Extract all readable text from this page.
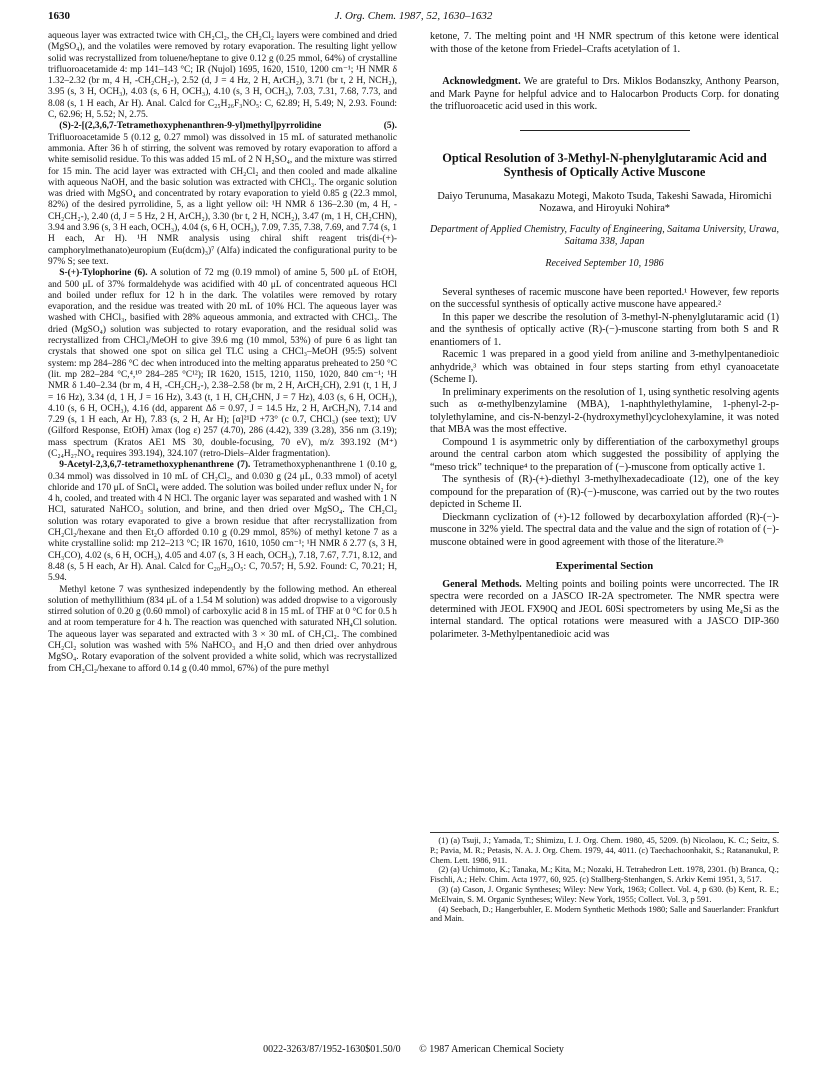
1630	J. Org. Chem. 1987, 52, 1630–1632

aqueous layer was extracted twice with CH₂Cl₂, the CH₂Cl₂ layers were combined and dried (MgSO₄), and the volatiles were removed by rotary evaporation. The resulting light yellow solid was recrystallized from toluene/heptane to give 0.12 g (0.25 mmol, 64%) of crystalline trifluoroacetamide 4: mp 141–143 °C; IR (Nujol) 1695, 1620, 1510, 1200 cm⁻¹; ¹H NMR δ 1.32–2.32 (br m, 4 H, -CH₂CH₂-), 2.52 (d, J = 4 Hz, 2 H, ArCH₂), 3.71 (br t, 2 H, NCH₂), 3.95 (s, 3 H, OCH₃), 4.03 (s, 6 H, OCH₃), 4.10 (s, 3 H, OCH₃), 7.03, 7.31, 7.68, 7.73, and 8.08 (s, 1 H each, Ar H). Anal. Calcd for C₂₅H₂₆F₃NO₅: C, 62.89; H, 5.49; N, 2.93. Found: C, 62.96; H, 5.52; N, 2.75.

(S)-2-[(2,3,6,7-Tetramethoxyphenanthren-9-yl)methyl]pyrrolidine (5). Trifluoroacetamide 5 (0.12 g, 0.27 mmol) was dissolved in 15 mL of saturated methanolic ammonia. After 36 h of stirring, the solvent was removed by rotary evaporation to afford a white semisolid residue. To this was added 15 mL of 2 N H₂SO₄, and the mixture was stirred for 15 min. The acid layer was extracted with CH₂Cl₂ and then cooled and made alkaline with aqueous NaOH, and the basic solution was extracted with CHCl₃. The organic solution was dried with MgSO₄ and concentrated by rotary evaporation to yield 0.85 g (22.3 mmol, 82%) of the desired pyrrolidine, 5, as a light yellow oil: ¹H NMR δ 136–2.30 (m, 4 H, -CH₂CH₂-), 2.40 (d, J = 5 Hz, 2 H, ArCH₂), 3.30 (br t, 2 H, NCH₂), 3.47 (m, 1 H, CH₂CHN), 3.94 and 3.96 (s, 3 H each, OCH₃), 4.04 (s, 6 H, OCH₃), 7.09, 7.35, 7.38, 7.69, and 7.74 (s, 1 H each, Ar H). ¹H NMR analysis using chiral shift reagent tris(di-(+)-camphorylmethanato)europium (Eu(dcm)₃)⁷ (Alfa) indicated the configurational purity to be 97% S; see text.

S-(+)-Tylophorine (6). A solution of 72 mg (0.19 mmol) of amine 5, 500 μL of EtOH, and 500 μL of 37% formaldehyde was acidified with 40 μL of concentrated aqueous HCl and boiled under reflux for 12 h in the dark. The volatiles were removed by rotary evaporation, and the residue was treated with 20 mL of 10% HCl. The aqueous layer was washed with CHCl₃, basified with 28% aqueous ammonia, and extracted with CHCl₃. The dried (MgSO₄) solution was subjected to rotary evaporation, and the residual solid was recrystallized from CHCl₃/MeOH to give 39.6 mg (10 mmol, 53%) of pure 6 as light tan crystals that showed one spot on silica gel TLC using a CHCl₃–MeOH (95:5) solvent system: mp 284–286 °C dec when introduced into the melting apparatus preheated to 250 °C (lit. mp 282–284 °C,⁴,¹⁰ 284–285 °C¹²); IR 1620, 1515, 1210, 1150, 1020, 840 cm⁻¹; ¹H NMR δ 1.40–2.34 (br m, 4 H, -CH₂CH₂-), 2.38–2.58 (br m, 2 H, ArCH₂CH), 2.91 (t, 1 H, J = 16 Hz), 3.34 (d, 1 H, J = 16 Hz), 3.43 (t, 1 H, CH₂CHN, J = 7 Hz), 4.03 (s, 6 H, OCH₃), 4.10 (s, 6 H, OCH₃), 4.16 (dd, apparent Δδ = 0.97, J = 14.5 Hz, 2 H, ArCH₂N), 7.14 and 7.29 (s, 1 H each, Ar H), 7.83 (s, 2 H, Ar H); [α]²¹D +73° (c 0.7, CHCl₃) (see text); UV (Gilford Response, EtOH) λmax (log ε) 257 (4.70), 286 (4.42), 339 (3.28), 356 nm (3.19); mass spectrum (Kratos AE1 MS 30, double-focusing, 70 eV), m/z 393.192 (M⁺) (C₂₄H₂₇NO₄ requires 393.194), 324.107 (retro-Diels–Alder fragmentation).

9-Acetyl-2,3,6,7-tetramethoxyphenanthrene (7). Tetramethoxyphenanthrene 1 (0.10 g, 0.34 mmol) was dissolved in 10 mL of CH₂Cl₂, and 0.030 g (24 μL, 0.33 mmol) of acetyl chloride and 170 μL of SnCl₄ were added. The solution was boiled under reflux under N₂ for 4 h, cooled, and treated with 4 N HCl. The organic layer was separated and washed with 1 N HCl, saturated NaHCO₃ solution, and brine, and then dried over MgSO₄. The CH₂Cl₂ solution was rotary evaporated to give a brown residue that after recrystallization from CH₂Cl₂/hexane and then Et₂O afforded 0.10 g (0.29 mmol, 85%) of methyl ketone 7 as a white crystalline solid: mp 212–213 °C; IR 1670, 1610, 1050 cm⁻¹; ¹H NMR δ 2.77 (s, 3 H, CH₃CO), 4.02 (s, 6 H, OCH₃), 4.05 and 4.07 (s, 3 H each, OCH₃), 7.18, 7.67, 7.71, 8.12, and 8.48 (s, 5 H each, Ar H). Anal. Calcd for C₂₀H₂₀O₅: C, 70.57; H, 5.92. Found: C, 70.21; H, 5.94.

Methyl ketone 7 was synthesized independently by the following method. An ethereal solution of methyllithium (834 μL of a 1.54 M solution) was added dropwise to a vigorously stirred solution of 0.20 g (0.60 mmol) of carboxylic acid 8 in 15 mL of THF at 0 °C for 0.5 h and at room temperature for 4 h. The reaction was quenched with saturated NH₄Cl solution. The aqueous layer was separated and extracted with 3 × 30 mL of CH₂Cl₂. The combined CH₂Cl₂ solution was washed with 5% NaHCO₃ and H₂O and then dried over anhydrous MgSO₄. Rotary evaporation of the solvent provided a white solid, which was recrystallized from CH₂Cl₂/hexane to afford 0.14 g (0.40 mmol, 67%) of the pure methyl

ketone, 7. The melting point and ¹H NMR spectrum of this ketone were identical with those of the ketone from Friedel–Crafts acetylation of 1.

Acknowledgment. We are grateful to Drs. Miklos Bodanszky, Anthony Pearson, and Mark Payne for helpful advice and to Halocarbon Products Corp. for donating the trifluoroacetic acid used in this work.

Optical Resolution of 3-Methyl-N-phenylglutaramic Acid and Synthesis of Optically Active Muscone
Daiyo Terunuma, Masakazu Motegi, Makoto Tsuda, Takeshi Sawada, Hiromichi Nozawa, and Hiroyuki Nohira*
Department of Applied Chemistry, Faculty of Engineering, Saitama University, Urawa, Saitama 338, Japan
Received September 10, 1986

Several syntheses of racemic muscone have been reported.¹ However, few reports on the successful synthesis of optically active muscone have appeared.²

In this paper we describe the resolution of 3-methyl-N-phenylglutaramic acid (1) and the synthesis of optically active (R)-(−)-muscone starting from both S and R enantiomers of 1.

Racemic 1 was prepared in a good yield from aniline and 3-methylpentanedioic anhydride,³ which was obtained in four steps starting from ethyl cyanoacetate (Scheme I).

In preliminary experiments on the resolution of 1, using synthetic resolving agents such as α-methylbenzylamine (MBA), 1-naphthylethylamine, 1-phenyl-2-p-tolylethylamine, and cis-N-benzyl-2-(hydroxymethyl)cyclohexylamine, it was noted that MBA was the most effective.

Compound 1 is asymmetric only by differentiation of the carboxymethyl groups around the central carbon atom which suggested the possibility of applying the “meso trick” technique⁴ to the preparation of (−)-muscone from optically active 1.

The synthesis of (R)-(+)-diethyl 3-methylhexadecadioate (12), one of the key compound for the preparation of (R)-(−)-muscone, was carried out by the two routes depicted in Scheme II.

Dieckmann cyclization of (+)-12 followed by decarboxylation afforded (R)-(−)-muscone in 32% yield. The spectral data and the value and the sign of rotation of (−)-muscone obtained were in good agreement with those of the literature.²ᵇ

Experimental Section

General Methods. Melting points and boiling points were uncorrected. The IR spectra were recorded on a JASCO IR-2A spectrometer. The NMR spectra were determined with JEOL FX90Q and JEOL 60Si spectrometers by using Me₄Si as the internal standard. The optical rotations were measured with a JASCO DIP-360 polarimeter. 3-Methylpentanedioic acid was

(1) (a) Tsuji, J.; Yamada, T.; Shimizu, I. J. Org. Chem. 1980, 45, 5209. (b) Nicolaou, K. C.; Seitz, S. P.; Pavia, M. R.; Petasis, N. A. J. Org. Chem. 1979, 44, 4011. (c) Taechachoonhakit, S.; Ratananukul, P. Chem. Lett. 1986, 911.

(2) (a) Uchimoto, K.; Tanaka, M.; Kita, M.; Nozaki, H. Tetrahedron Lett. 1978, 2301. (b) Branca, Q.; Fischli, A.; Helv. Chim. Acta 1977, 60, 925. (c) Stallberg-Stenhangen, S. Arkiv Kemi 1951, 3, 517.

(3) (a) Cason, J. Organic Syntheses; Wiley: New York, 1963; Collect. Vol. 4, p 630. (b) Kent, R. E.; McElvain, S. M. Organic Syntheses; Wiley: New York, 1955; Collect. Vol. 3, p 591.

(4) Seebach, D.; Hangerbuhler, E. Modern Synthetic Methods 1980; Salle and Sauerlander: Frankfurt and Main.

0022-3263/87/1952-1630$01.50/0 © 1987 American Chemical Society
